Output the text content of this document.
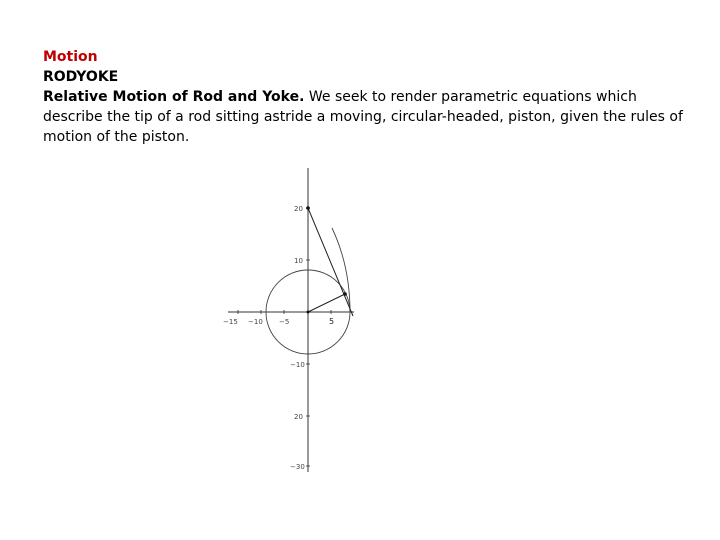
Motion

RODYOKE

Relative Motion of Rod and Yoke. We seek to render parametric equations which describe the tip of a rod sitting astride a moving, circular-headed, piston, given the rules of motion of the piston.

−15 −10 −5	5
20
10
−10
20
−30
